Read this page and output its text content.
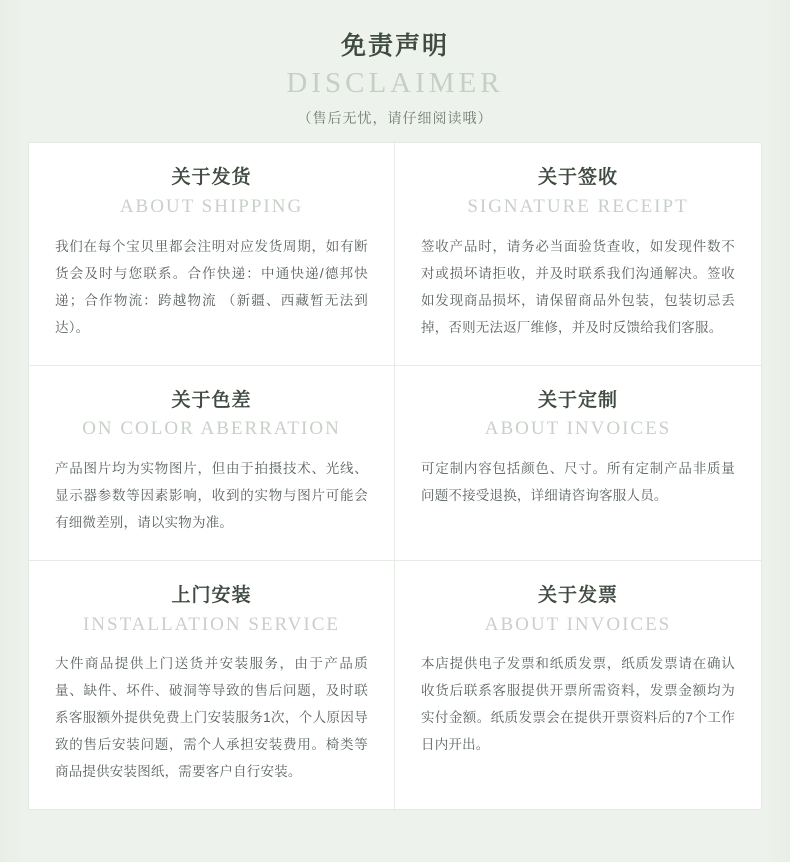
免责声明
DISCLAIMER
（售后无忧，请仔细阅读哦）
关于发货
ABOUT SHIPPING
我们在每个宝贝里都会注明对应发货周期，如有断货会及时与您联系。合作快递：中通快递/德邦快递；合作物流：跨越物流 （新疆、西藏暂无法到达）。
关于签收
SIGNATURE RECEIPT
签收产品时，请务必当面验货查收，如发现件数不对或损坏请拒收，并及时联系我们沟通解决。签收如发现商品损坏，请保留商品外包装，包装切忌丢掉，否则无法返厂维修，并及时反馈给我们客服。
关于色差
ON COLOR ABERRATION
产品图片均为实物图片，但由于拍摄技术、光线、显示器参数等因素影响，收到的实物与图片可能会有细微差别，请以实物为准。
关于定制
ABOUT INVOICES
可定制内容包括颜色、尺寸。所有定制产品非质量问题不接受退换，详细请咨询客服人员。
上门安装
INSTALLATION SERVICE
大件商品提供上门送货并安装服务，由于产品质量、缺件、坏件、破洞等导致的售后问题，及时联系客服额外提供免费上门安装服务1次，个人原因导致的售后安装问题，需个人承担安装费用。椅类等商品提供安装图纸，需要客户自行安装。
关于发票
ABOUT INVOICES
本店提供电子发票和纸质发票，纸质发票请在确认收货后联系客服提供开票所需资料，发票金额均为实付金额。纸质发票会在提供开票资料后的7个工作日内开出。
